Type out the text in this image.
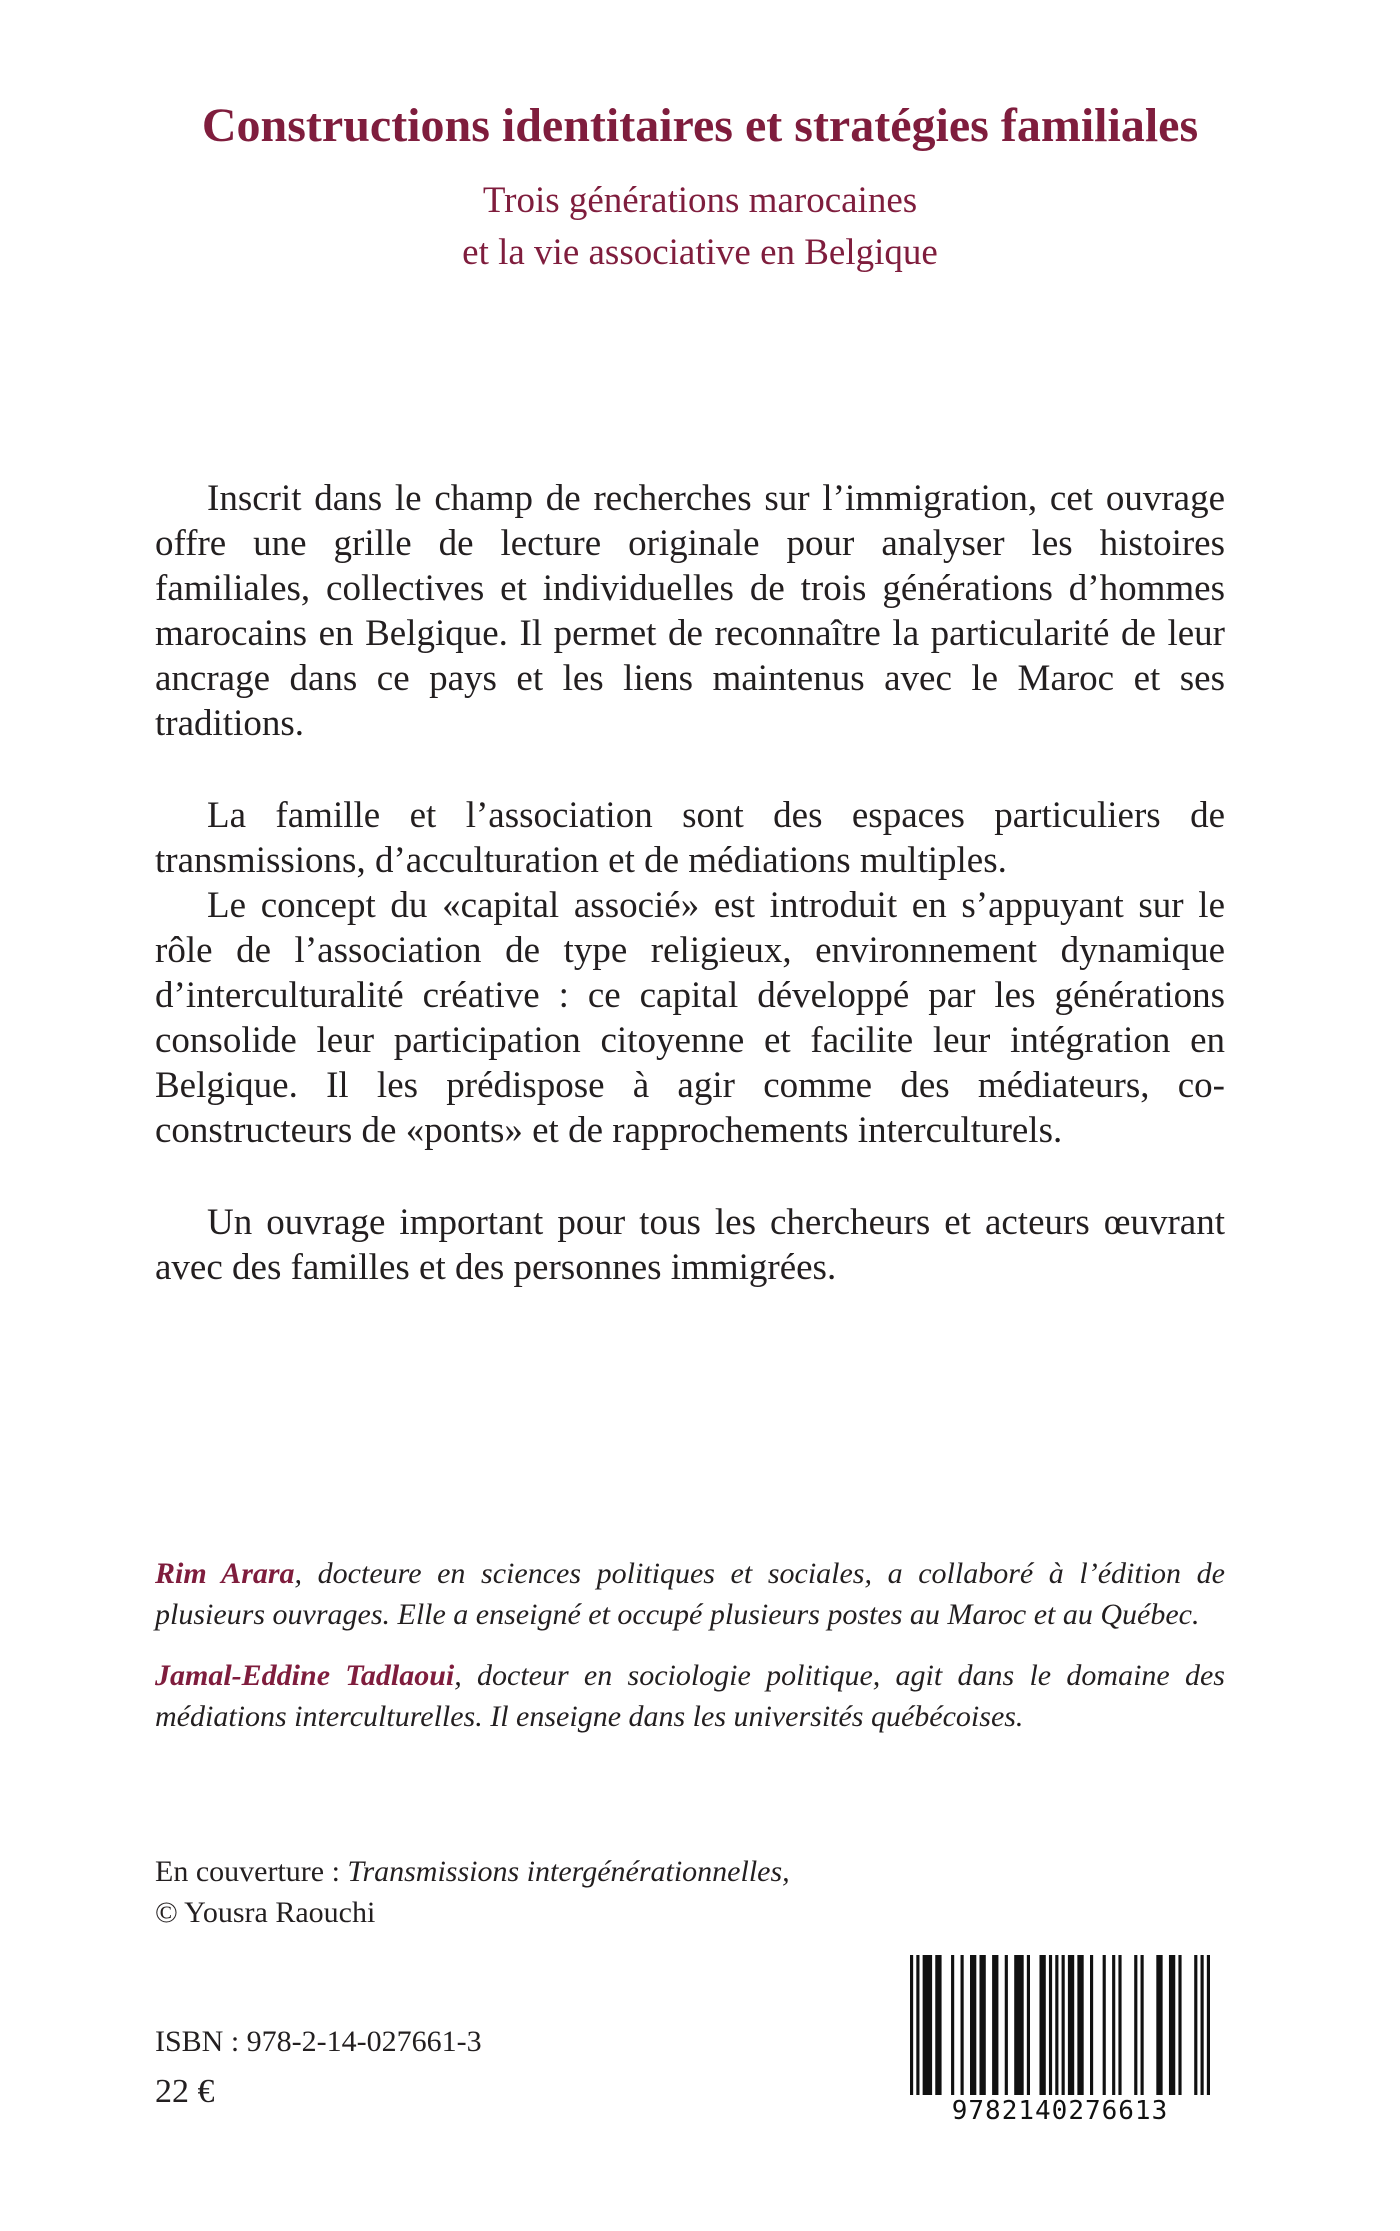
Constructions identitaires et stratégies familiales
Trois générations marocaines
et la vie associative en Belgique

Inscrit dans le champ de recherches sur l’immigration, cet ouvrage offre une grille de lecture originale pour analyser les histoires familiales, collectives et individuelles de trois générations d’hommes marocains en Belgique. Il permet de reconnaître la particularité de leur ancrage dans ce pays et les liens maintenus avec le Maroc et ses traditions.

La famille et l’association sont des espaces particuliers de transmissions, d’acculturation et de médiations multiples.

Le concept du «capital associé» est introduit en s’appuyant sur le rôle de l’association de type religieux, environnement dynamique d’interculturalité créative : ce capital développé par les générations consolide leur participation citoyenne et facilite leur intégration en Belgique. Il les prédispose à agir comme des médiateurs, co-constructeurs de «ponts» et de rapprochements interculturels.

Un ouvrage important pour tous les chercheurs et acteurs œuvrant avec des familles et des personnes immigrées.

Rim Arara, docteure en sciences politiques et sociales, a collaboré à l’édition de plusieurs ouvrages. Elle a enseigné et occupé plusieurs postes au Maroc et au Québec.

Jamal-Eddine Tadlaoui, docteur en sociologie politique, agit dans le domaine des médiations interculturelles. Il enseigne dans les universités québécoises.

En couverture : Transmissions intergénérationnelles,
© Yousra Raouchi
ISBN : 978-2-14-027661-3
22 €
9782140276613
